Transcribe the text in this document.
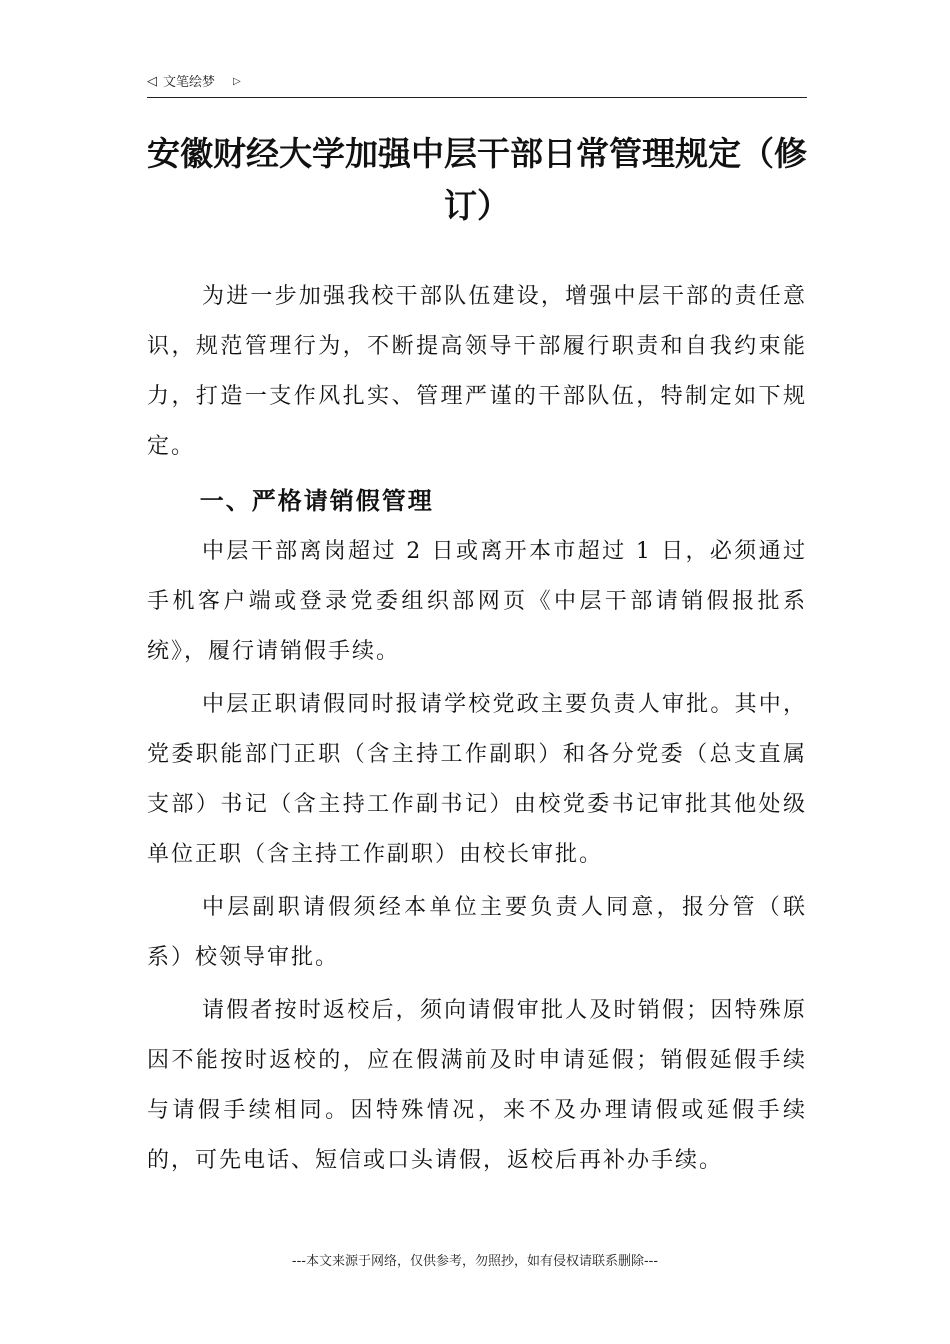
◁ 文笔绘梦 ▷
安徽财经大学加强中层干部日常管理规定（修订）

为进一步加强我校干部队伍建设，增强中层干部的责任意识，规范管理行为，不断提高领导干部履行职责和自我约束能力，打造一支作风扎实、管理严谨的干部队伍，特制定如下规定。

一、严格请销假管理

中层干部离岗超过 2 日或离开本市超过 1 日，必须通过手机客户端或登录党委组织部网页《中层干部请销假报批系统》，履行请销假手续。

中层正职请假同时报请学校党政主要负责人审批。其中，党委职能部门正职（含主持工作副职）和各分党委（总支直属支部）书记（含主持工作副书记）由校党委书记审批其他处级单位正职（含主持工作副职）由校长审批。

中层副职请假须经本单位主要负责人同意，报分管（联系）校领导审批。

请假者按时返校后，须向请假审批人及时销假；因特殊原因不能按时返校的，应在假满前及时申请延假；销假延假手续与请假手续相同。因特殊情况，来不及办理请假或延假手续的，可先电话、短信或口头请假，返校后再补办手续。

---本文来源于网络，仅供参考，勿照抄，如有侵权请联系删除---
